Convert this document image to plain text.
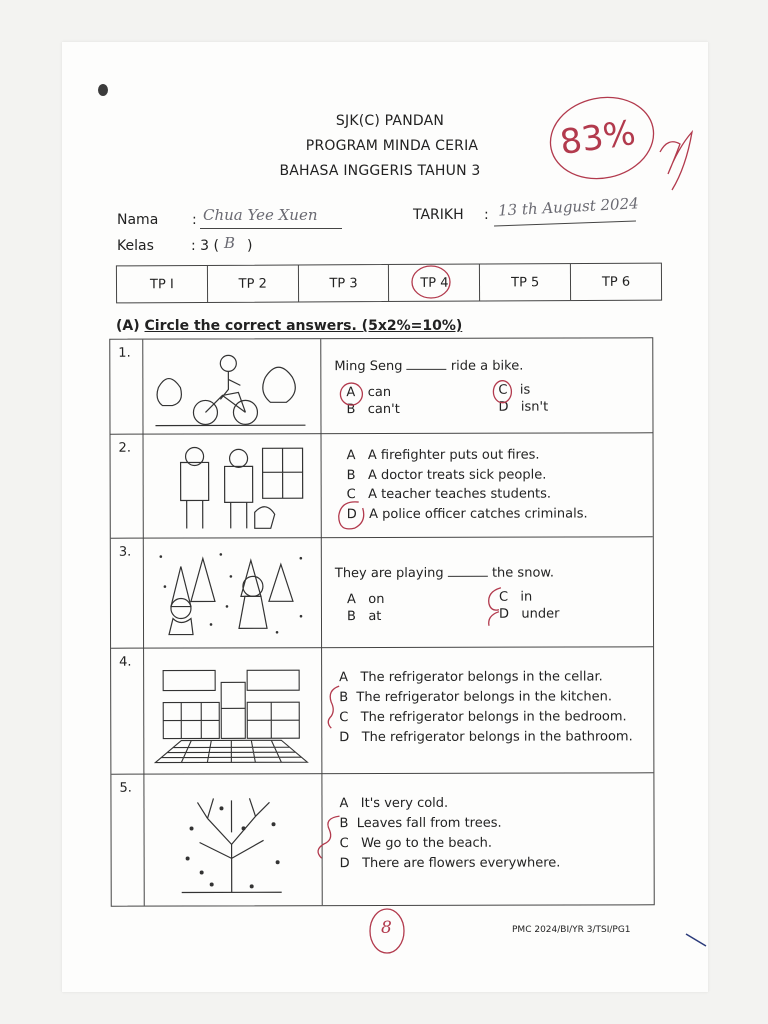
SJK(C) PANDAN
PROGRAM MINDA CERIA
BAHASA INGGERIS TAHUN 3
83%
Nama : Chua Yee Xuen	TARIKH : 13 th August 2024
Kelas	: 3 ( B )
TP I	TP 2	TP 3	TP 4	TP 5	TP 6
(A) Circle the correct answers. (5x2%=10%)
1.
Ming Seng	ride a bike.
A can
B can't
C is
D isn't
2.	A A firefighter puts out fires.
B A doctor treats sick people.
C A teacher teaches students.
D A police officer catches criminals.
3.
They are playing	the snow.
A on
B at
C in
D under
4.
A The refrigerator belongs in the cellar.
B The refrigerator belongs in the kitchen.
C The refrigerator belongs in the bedroom.
D The refrigerator belongs in the bathroom.
5.
A It's very cold.
B Leaves fall from trees.
C We go to the beach.
D There are flowers everywhere.
8	PMC 2024/BI/YR 3/TSI/PG1
